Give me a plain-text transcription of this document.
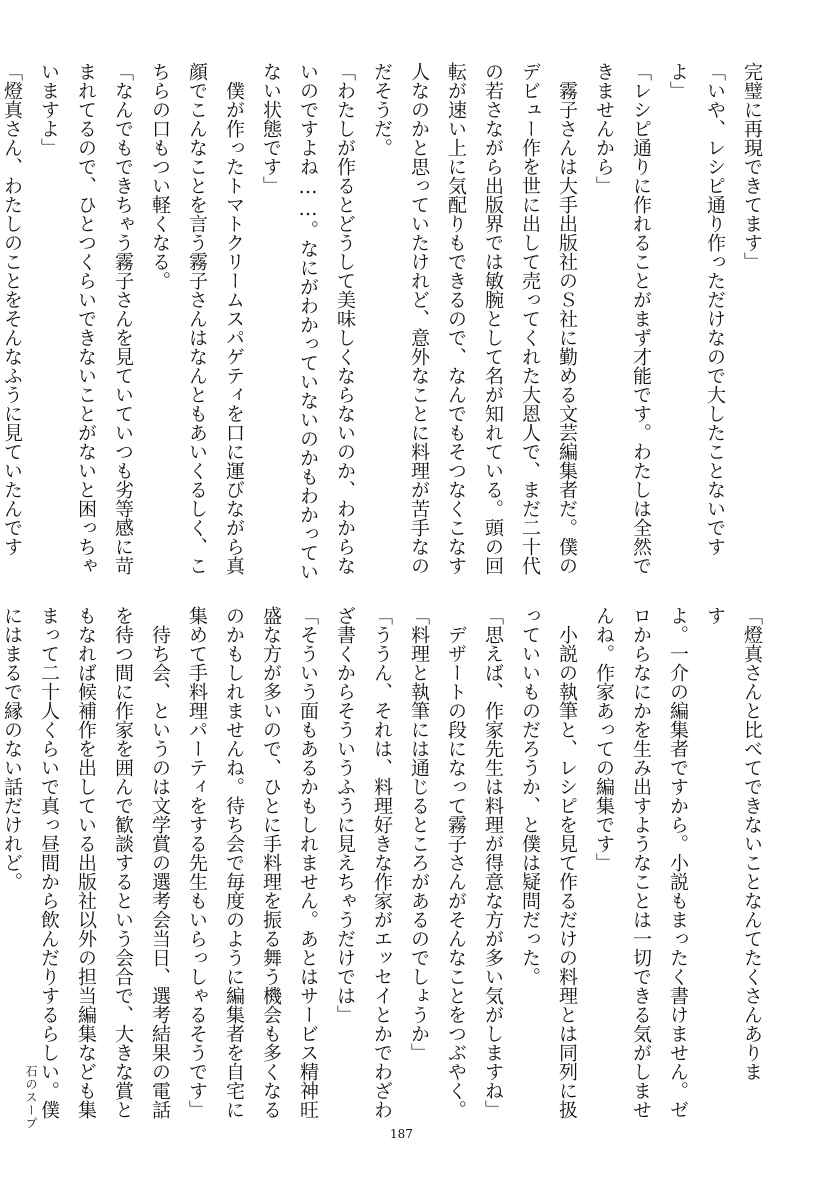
完璧に再現できてます」
「いや、レシピ通り作っただけなので大したことないです
よ」
「レシピ通りに作れることがまず才能です。わたしは全然で
きませんから」
　霧子さんは大手出版社のＳ社に勤める文芸編集者だ。僕の
デビュー作を世に出して売ってくれた大恩人で、まだ二十代
の若さながら出版界では敏腕として名が知れている。頭の回
転が速い上に気配りもできるので、なんでもそつなくこなす
人なのかと思っていたけれど、意外なことに料理が苦手なの
だそうだ。
「わたしが作るとどうして美味しくならないのか、わからな
いのですよね……。なにがわかっていないのかもわかってい
ない状態です」
　僕が作ったトマトクリームスパゲティを口に運びながら真
顔でこんなことを言う霧子さんはなんともあいくるしく、こ
ちらの口もつい軽くなる。
「なんでもできちゃう霧子さんを見ていていつも劣等感に苛
まれてるので、ひとつくらいできないことがないと困っちゃ
いますよ」
「燈真さん、わたしのことをそんなふうに見ていたんです
「燈真さんと比べてできないことなんてたくさんありま
す
よ。一介の編集者ですから。小説もまったく書けません。ゼ
ロからなにかを生み出すようなことは一切できる気がしませ
んね。作家あっての編集です」
　小説の執筆と、レシピを見て作るだけの料理とは同列に扱
っていいものだろうか、と僕は疑問だった。
「思えば、作家先生は料理が得意な方が多い気がしますね」
　デザートの段になって霧子さんがそんなことをつぶやく。
「料理と執筆には通じるところがあるのでしょうか」
「ううん、それは、料理好きな作家がエッセイとかでわざわ
ざ書くからそういうふうに見えちゃうだけでは」
「そういう面もあるかもしれません。あとはサービス精神旺
盛な方が多いので、ひとに手料理を振る舞う機会も多くなる
のかもしれませんね。待ち会で毎度のように編集者を自宅に
集めて手料理パーティをする先生もいらっしゃるそうです」
　待ち会、というのは文学賞の選考会当日、選考結果の電話
を待つ間に作家を囲んで歓談するという会合で、大きな賞と
もなれば候補作を出している出版社以外の担当編集なども集
まって二十人くらいで真っ昼間から飲んだりするらしい。僕
にはまるで縁のない話だけれど。
石のスープ
187
